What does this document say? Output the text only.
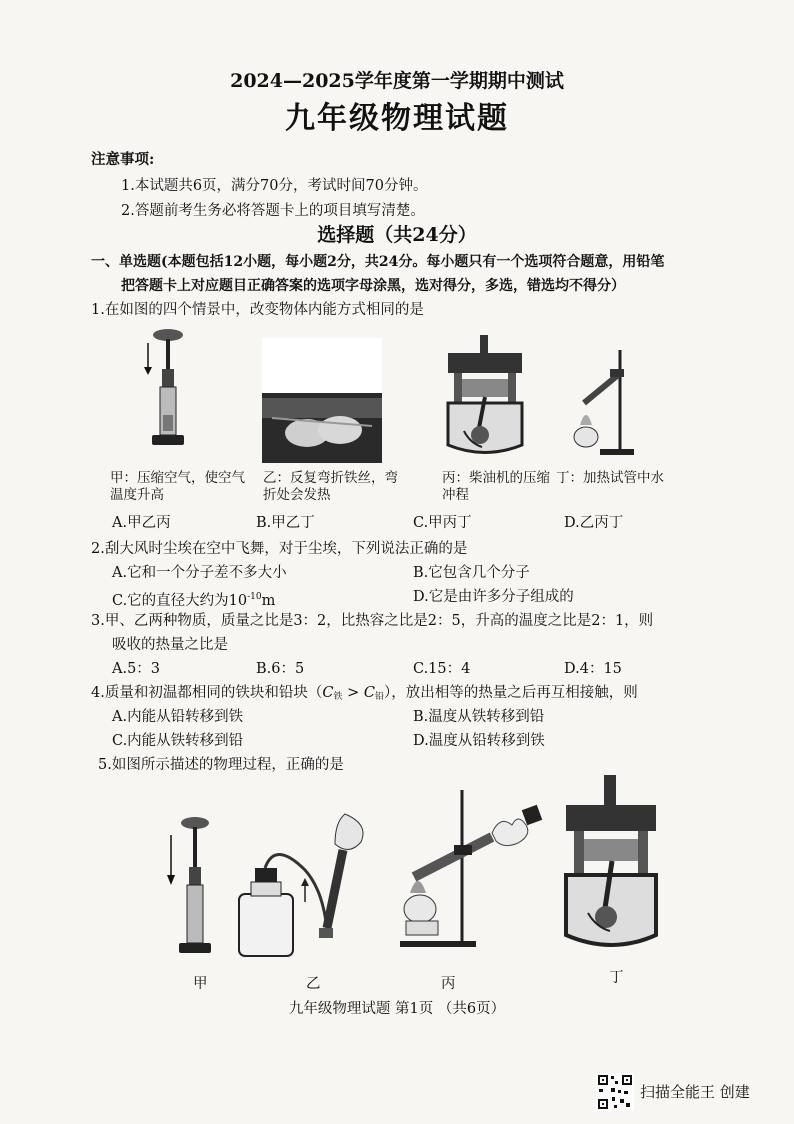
2024—2025学年度第一学期期中测试
九年级物理试题
注意事项:
1.本试题共6页，满分70分，考试时间70分钟。
2.答题前考生务必将答题卡上的项目填写清楚。
选择题（共24分）
一、单选题(本题包括12小题，每小题2分，共24分。每小题只有一个选项符合题意，用铅笔
把答题卡上对应题目正确答案的选项字母涂黑，选对得分，多选，错选均不得分）
1.在如图的四个情景中，改变物体内能方式相同的是
甲：压缩空气，使空气温度升高
乙：反复弯折铁丝，弯折处会发热
丙：柴油机的压缩冲程
丁：加热试管中水
A.甲乙丙	B.甲乙丁	C.甲丙丁	D.乙丙丁
2.刮大风时尘埃在空中飞舞，对于尘埃，下列说法正确的是
A.它和一个分子差不多大小	B.它包含几个分子
C.它的直径大约为$10^{-10}m$	D.它是由许多分子组成的
3.甲、乙两种物质，质量之比是3：2，比热容之比是2：5，升高的温度之比是2：1，则
吸收的热量之比是
A.5：3	B.6：5	C.15：4	D.4：15
4.质量和初温都相同的铁块和铅块$(C_铁 > C_铅)$，放出相等的热量之后再互相接触，则
A.内能从铅转移到铁	B.温度从铁转移到铅
C.内能从铁转移到铅	D.温度从铅转移到铁
5.如图所示描述的物理过程，正确的是
甲	乙	丙	丁
九年级物理试题 第1页 （共6页）
扫描全能王 创建
